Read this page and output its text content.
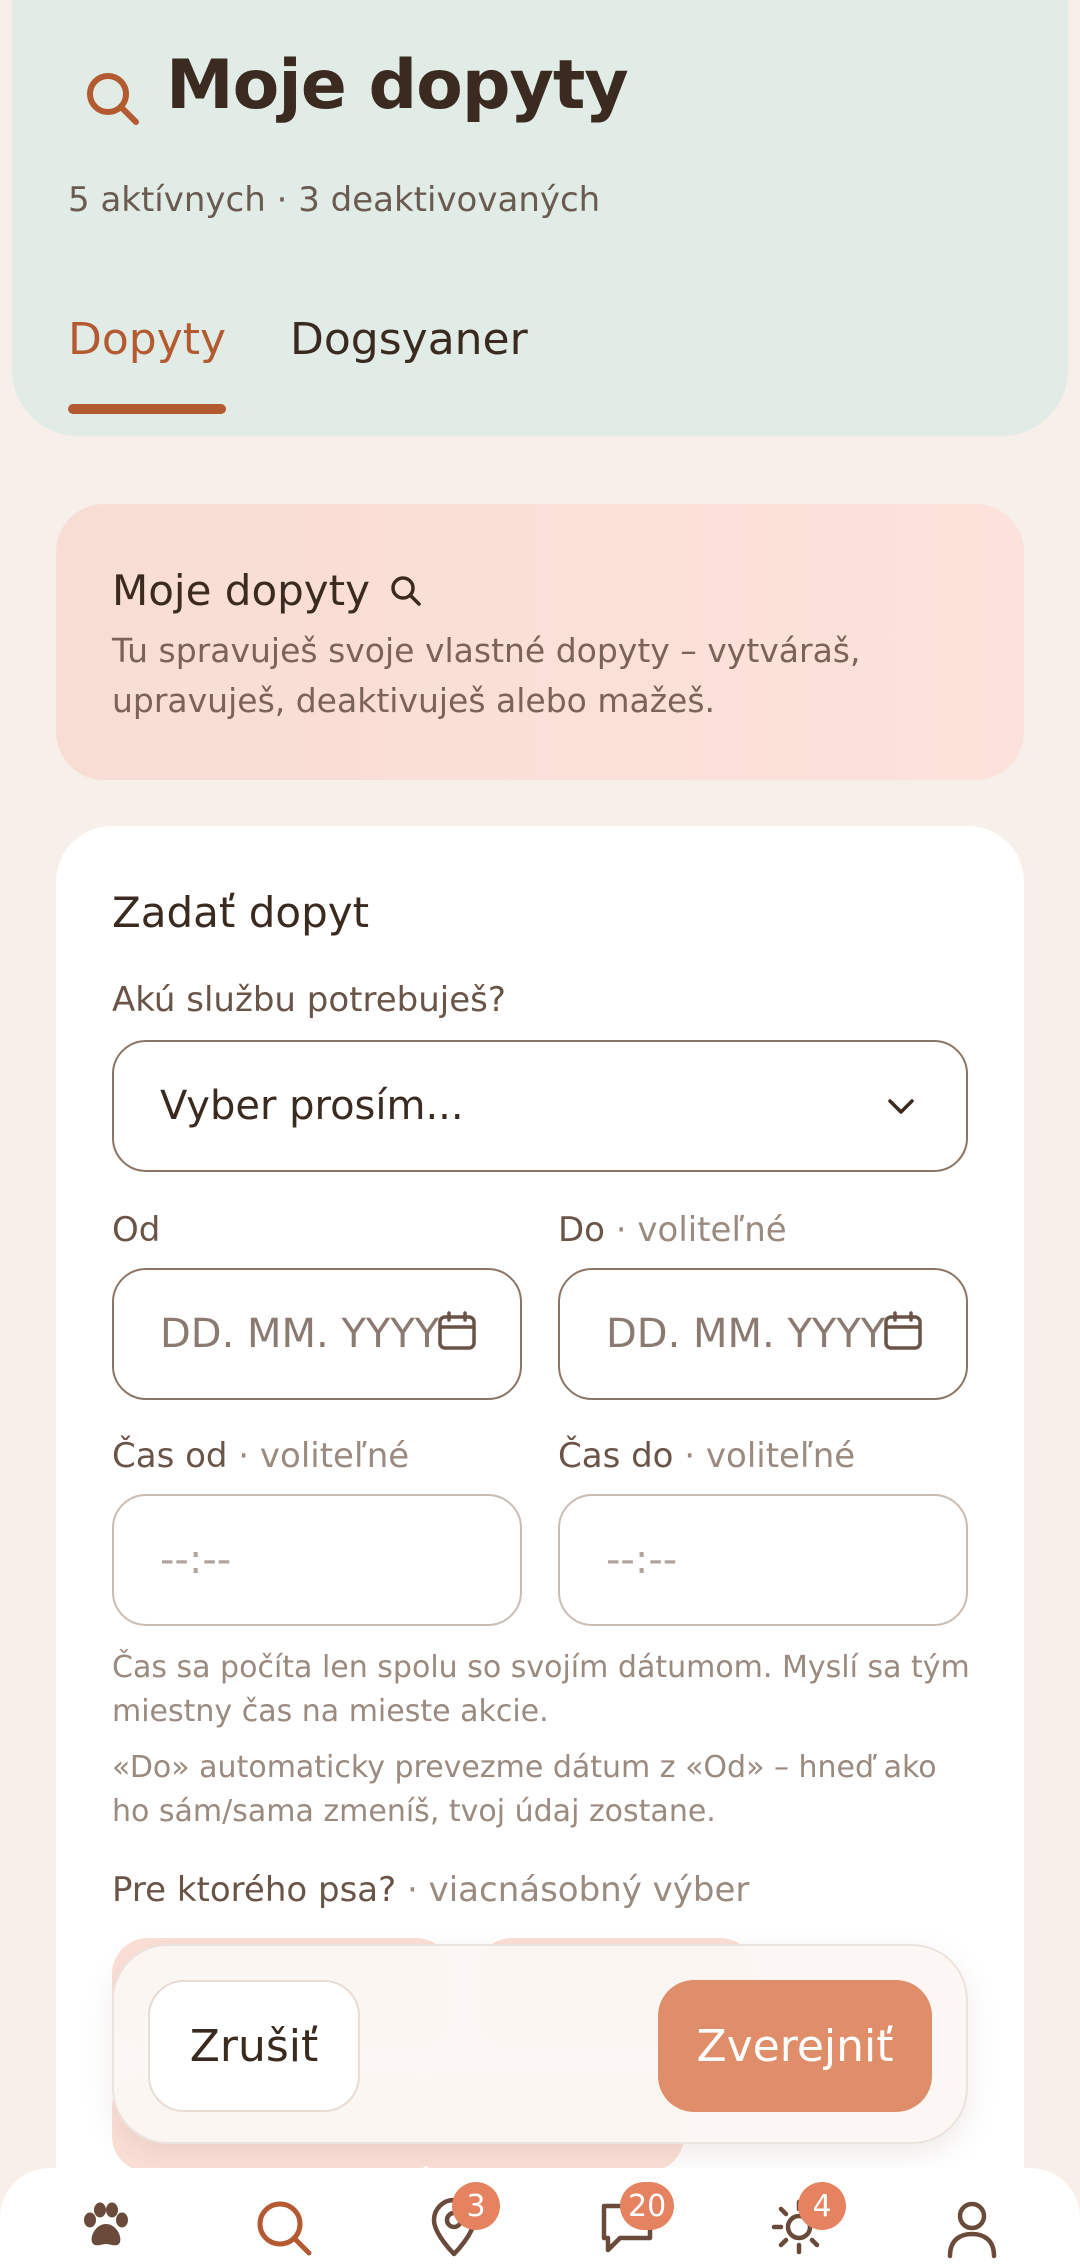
Moje dopyty
5 aktívnych · 3 deaktivovaných
Dopyty Dogsyaner
Moje dopyty
Tu spravuješ svoje vlastné dopyty – vytváraš, upravuješ, deaktivuješ alebo mažeš.
Zadať dopyt
Akú službu potrebuješ?
Vyber prosím...
Od	Do · voliteľné
DD. MM. YYYY	DD. MM. YYYY
Čas od · voliteľné	Čas do · voliteľné
--:--	--:--
Čas sa počíta len spolu so svojím dátumom. Myslí sa tým miestny čas na mieste akcie.
«Do» automaticky prevezme dátum z «Od» – hneď ako ho sám/sama zmeníš, tvoj údaj zostane.
Pre ktorého psa? · viacnásobný výber
Zrušiť	Zverejniť
3	20	4
